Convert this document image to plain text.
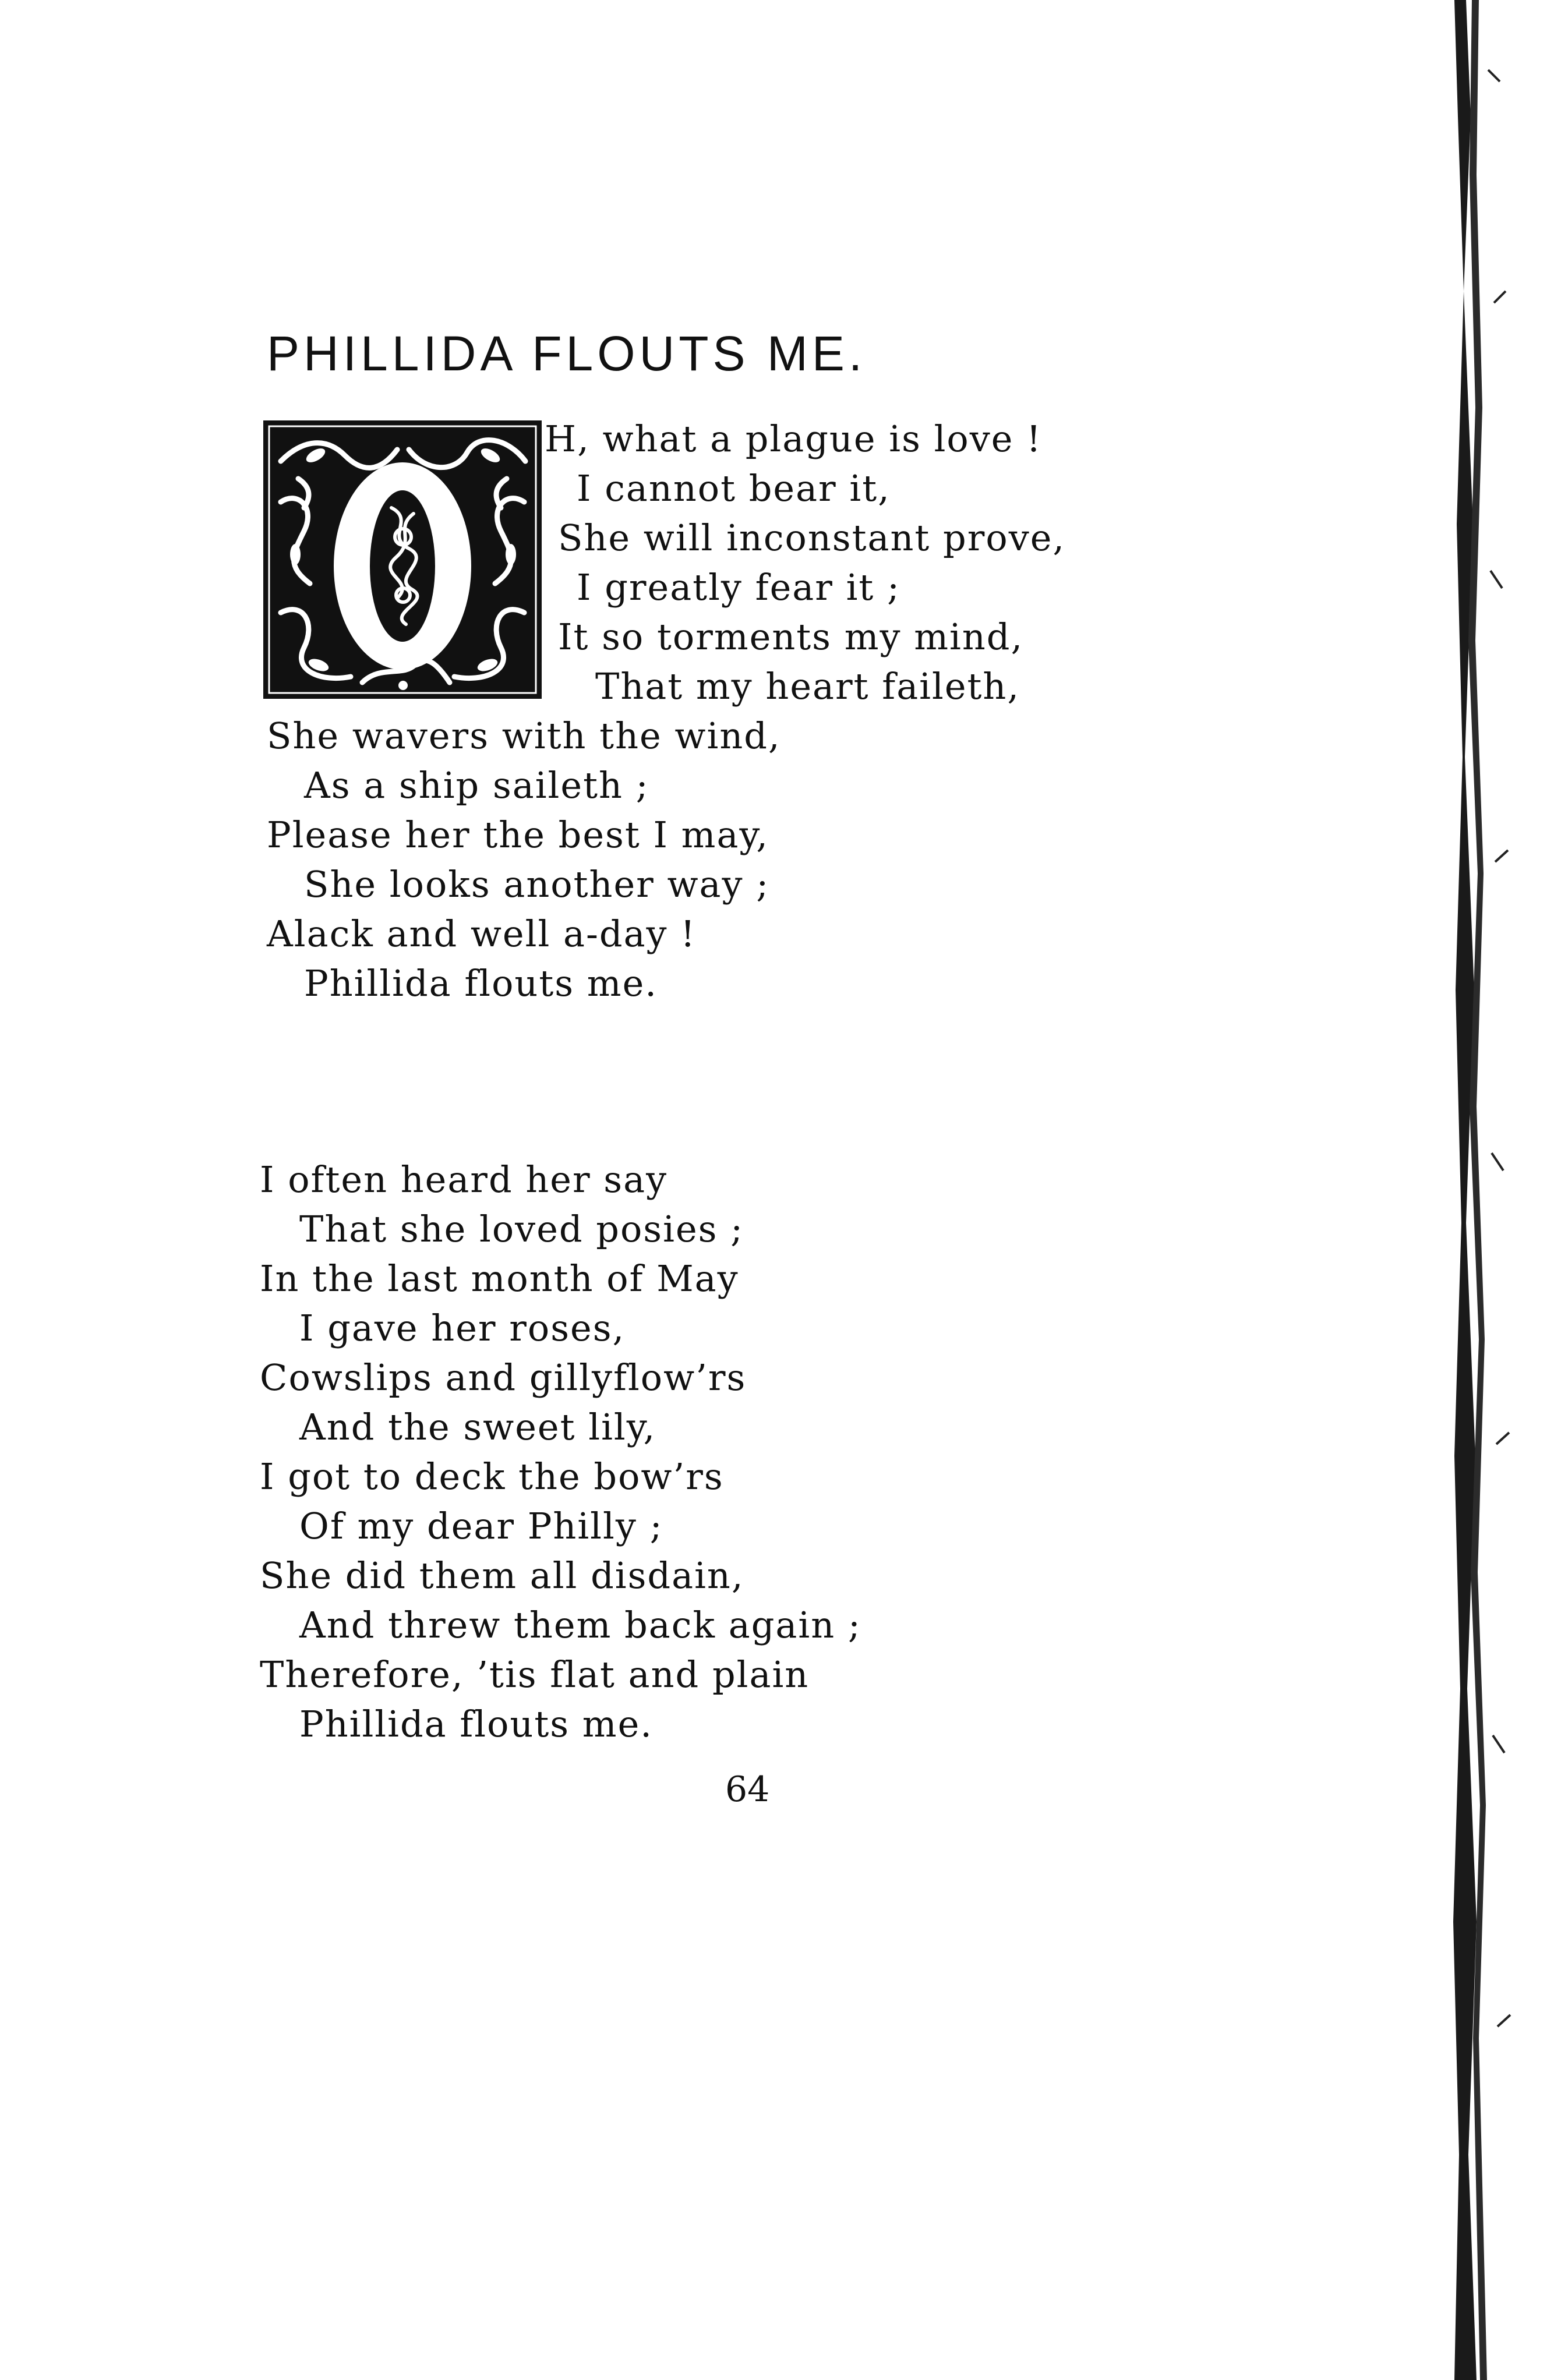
PHILLIDA FLOUTS ME.
H, what a plague is love !
I cannot bear it,
She will inconstant prove,
I greatly fear it ;
It so torments my mind,
That my heart faileth,
She wavers with the wind,
As a ship saileth ;
Please her the best I may,
She looks another way ;
Alack and well a-day !
Phillida flouts me.
I often heard her say
That she loved posies ;
In the last month of May
I gave her roses,
Cowslips and gillyflow’rs
And the sweet lily,
I got to deck the bow’rs
Of my dear Philly ;
She did them all disdain,
And threw them back again ;
Therefore, ’tis flat and plain
Phillida flouts me.
64
